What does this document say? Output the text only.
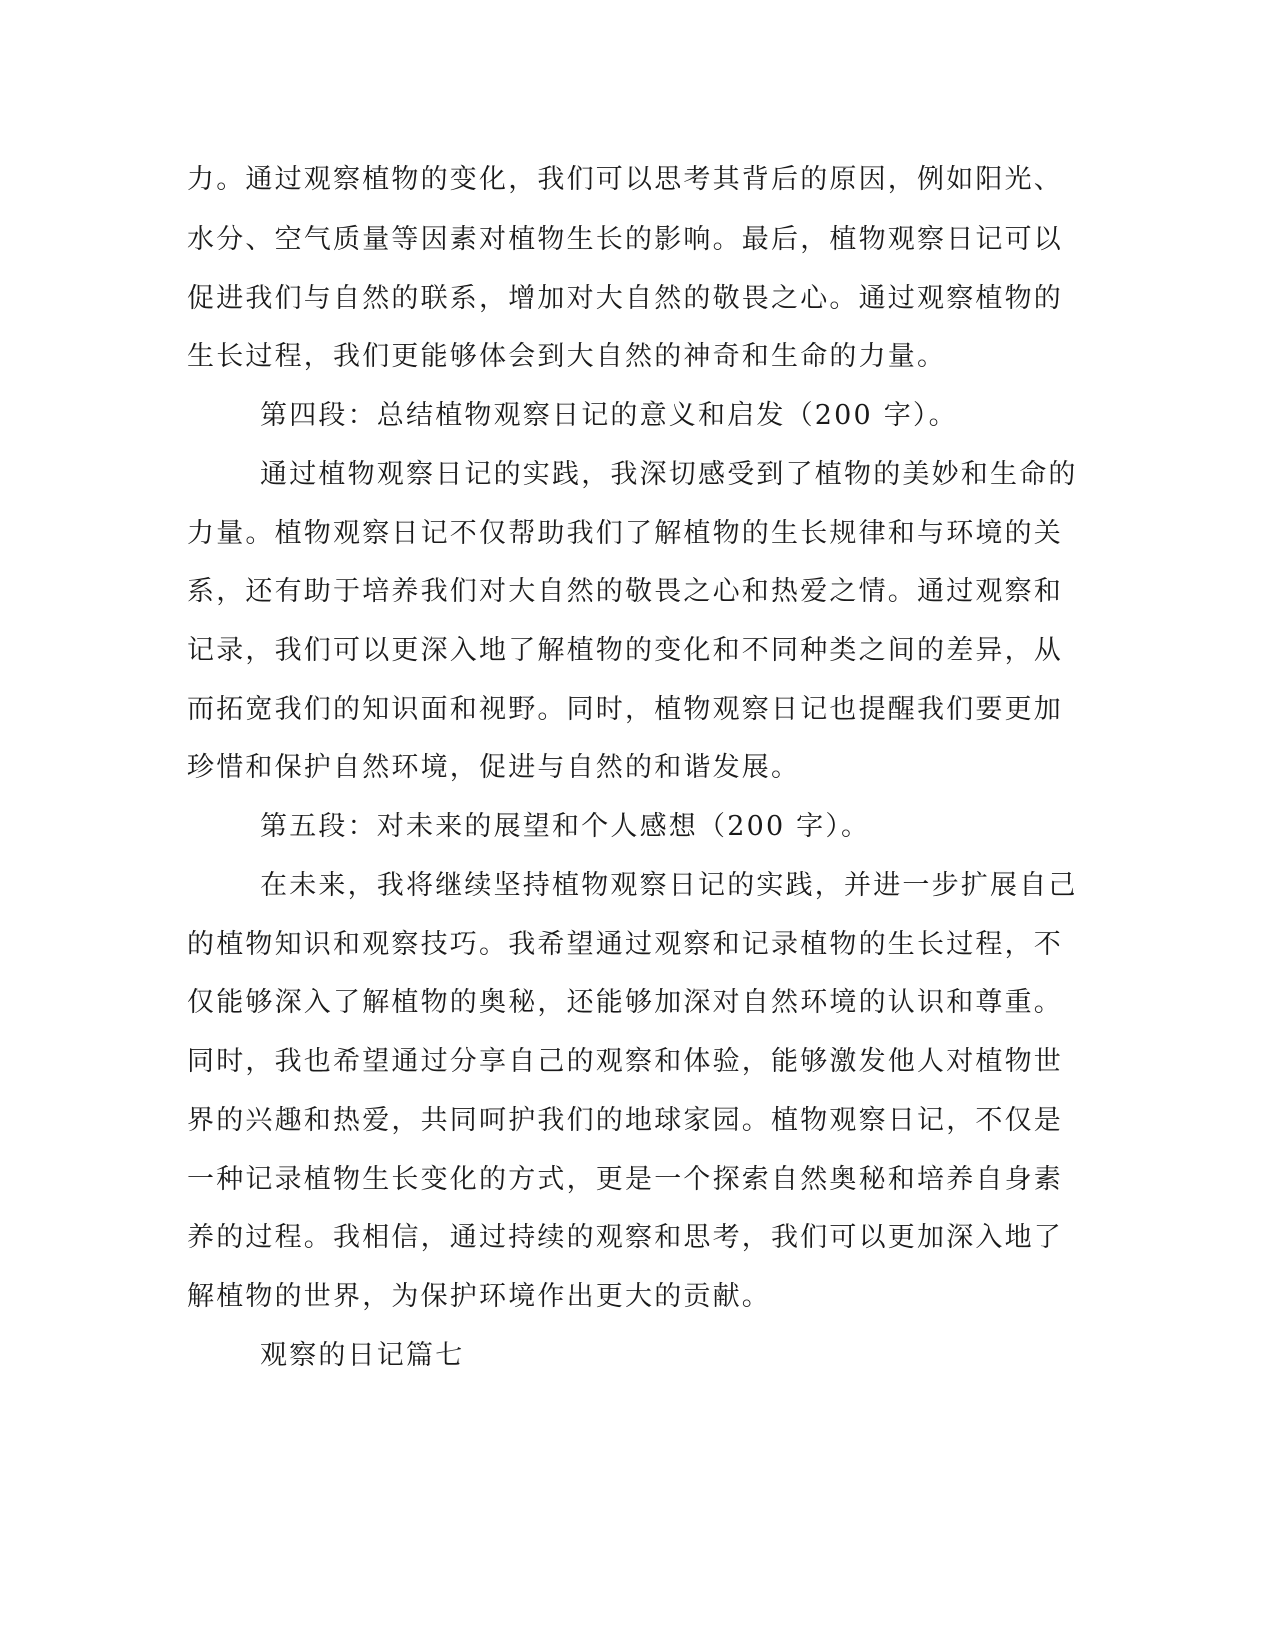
力。通过观察植物的变化，我们可以思考其背后的原因，例如阳光、
水分、空气质量等因素对植物生长的影响。最后，植物观察日记可以
促进我们与自然的联系，增加对大自然的敬畏之心。通过观察植物的
生长过程，我们更能够体会到大自然的神奇和生命的力量。
第四段：总结植物观察日记的意义和启发（200 字）。
通过植物观察日记的实践，我深切感受到了植物的美妙和生命的
力量。植物观察日记不仅帮助我们了解植物的生长规律和与环境的关
系，还有助于培养我们对大自然的敬畏之心和热爱之情。通过观察和
记录，我们可以更深入地了解植物的变化和不同种类之间的差异，从
而拓宽我们的知识面和视野。同时，植物观察日记也提醒我们要更加
珍惜和保护自然环境，促进与自然的和谐发展。
第五段：对未来的展望和个人感想（200 字）。
在未来，我将继续坚持植物观察日记的实践，并进一步扩展自己
的植物知识和观察技巧。我希望通过观察和记录植物的生长过程，不
仅能够深入了解植物的奥秘，还能够加深对自然环境的认识和尊重。
同时，我也希望通过分享自己的观察和体验，能够激发他人对植物世
界的兴趣和热爱，共同呵护我们的地球家园。植物观察日记，不仅是
一种记录植物生长变化的方式，更是一个探索自然奥秘和培养自身素
养的过程。我相信，通过持续的观察和思考，我们可以更加深入地了
解植物的世界，为保护环境作出更大的贡献。
观察的日记篇七
